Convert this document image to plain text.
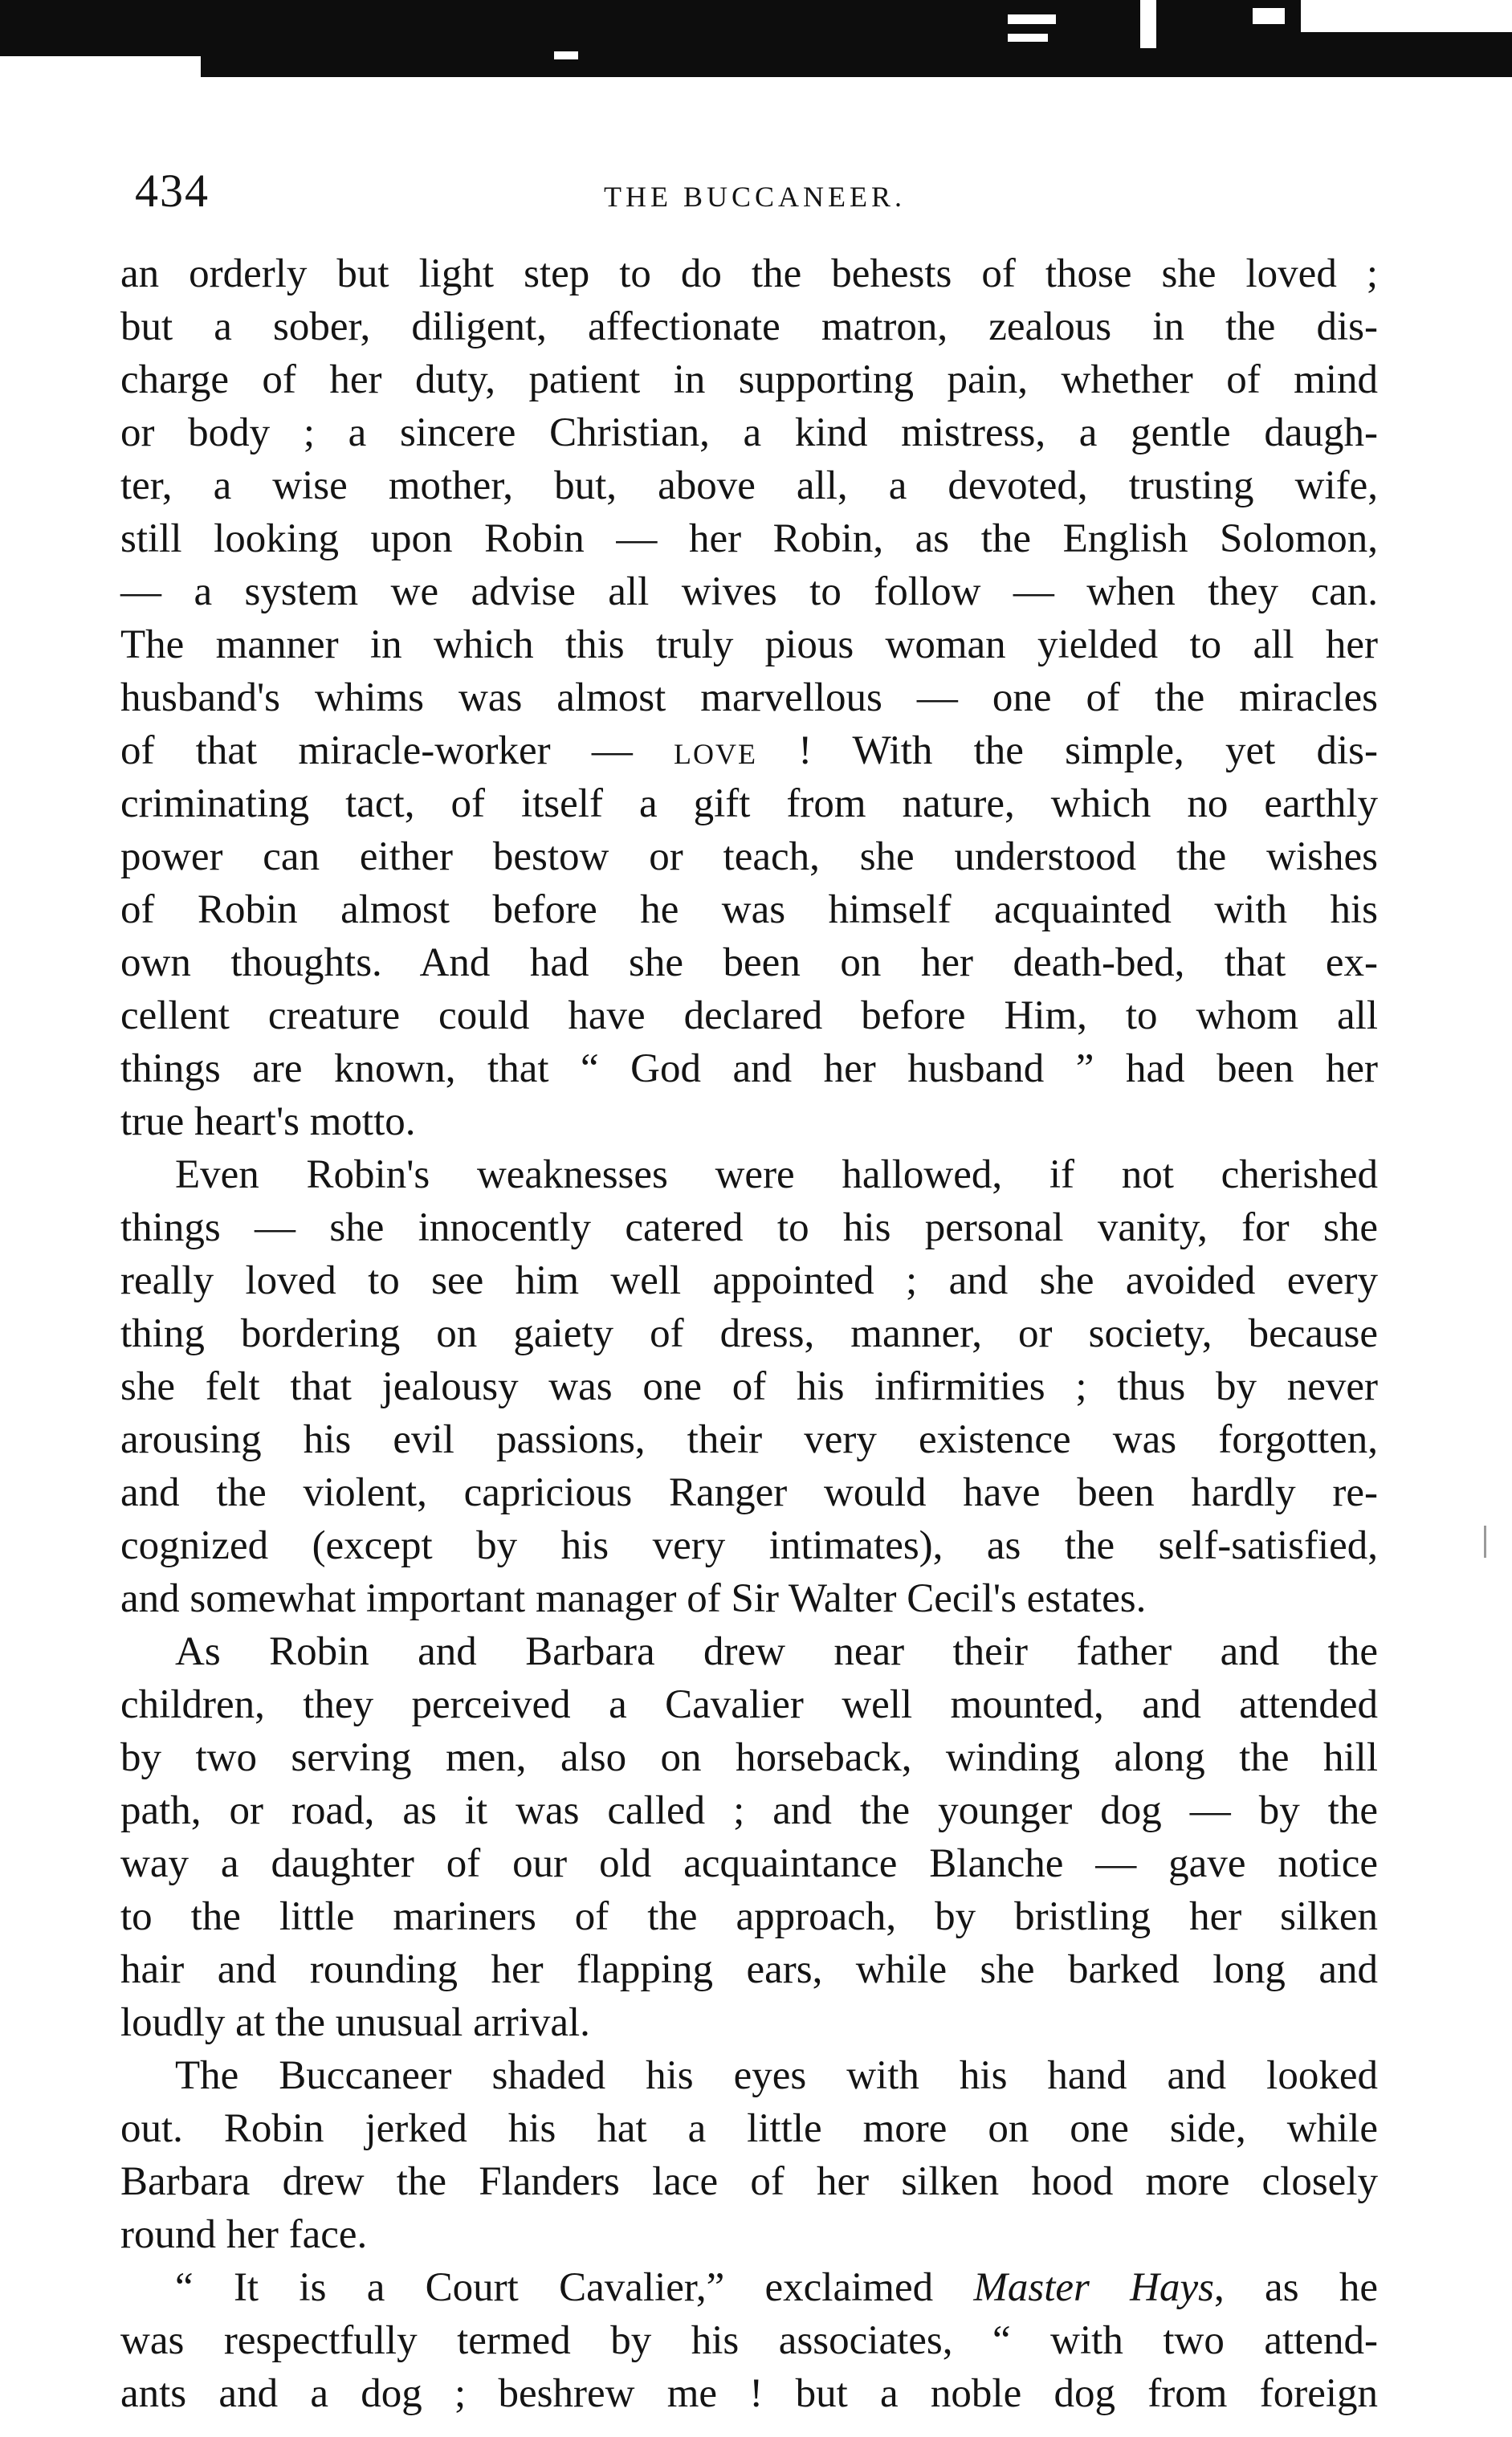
434	THE BUCCANEER.
an orderly but light step to do the behests of those she loved ;
but a sober, diligent, affectionate matron, zealous in the dis-
charge of her duty, patient in supporting pain, whether of mind
or body ; a sincere Christian, a kind mistress, a gentle daugh-
ter, a wise mother, but, above all, a devoted, trusting wife,
still looking upon Robin — her Robin, as the English Solomon,
— a system we advise all wives to follow — when they can.
The manner in which this truly pious woman yielded to all her
husband's whims was almost marvellous — one of the miracles
of that miracle-worker — love ! With the simple, yet dis-
criminating tact, of itself a gift from nature, which no earthly
power can either bestow or teach, she understood the wishes
of Robin almost before he was himself acquainted with his
own thoughts. And had she been on her death-bed, that ex-
cellent creature could have declared before Him, to whom all
things are known, that “ God and her husband ” had been her
true heart's motto.
Even Robin's weaknesses were hallowed, if not cherished
things — she innocently catered to his personal vanity, for she
really loved to see him well appointed ; and she avoided every
thing bordering on gaiety of dress, manner, or society, because
she felt that jealousy was one of his infirmities ; thus by never
arousing his evil passions, their very existence was forgotten,
and the violent, capricious Ranger would have been hardly re-
cognized (except by his very intimates), as the self-satisfied,
and somewhat important manager of Sir Walter Cecil's estates.
As Robin and Barbara drew near their father and the
children, they perceived a Cavalier well mounted, and attended
by two serving men, also on horseback, winding along the hill
path, or road, as it was called ; and the younger dog — by the
way a daughter of our old acquaintance Blanche — gave notice
to the little mariners of the approach, by bristling her silken
hair and rounding her flapping ears, while she barked long and
loudly at the unusual arrival.
The Buccaneer shaded his eyes with his hand and looked
out. Robin jerked his hat a little more on one side, while
Barbara drew the Flanders lace of her silken hood more closely
round her face.
“ It is a Court Cavalier,” exclaimed Master Hays, as he
was respectfully termed by his associates, “ with two attend-
ants and a dog ; beshrew me ! but a noble dog from foreign
